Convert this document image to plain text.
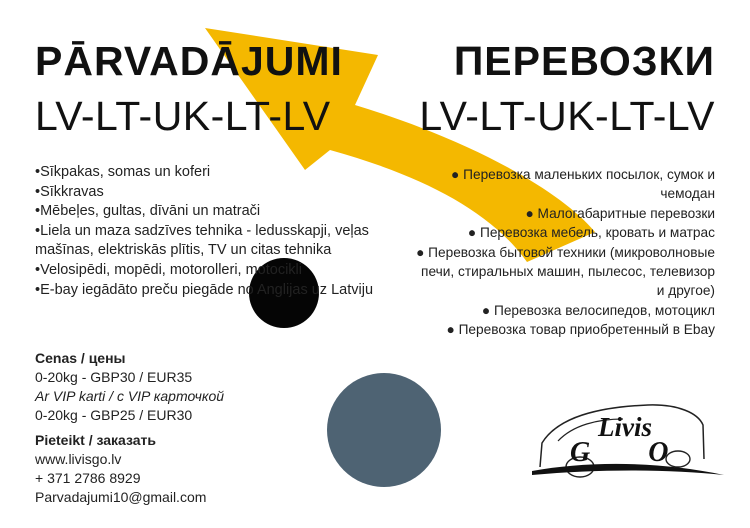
PĀRVADĀJUMI
LV-LT-UK-LT-LV
ПЕРЕВОЗКИ
LV-LT-UK-LT-LV

•Sīkpakas, somas un koferi

•Sīkkravas

•Mēbeļes, gultas, dīvāni un matrači

•Liela un maza sadzīves tehnika - ledusskapji, veļas mašīnas, elektriskās plītis, TV un citas tehnika

•Velosipēdi, mopēdi, motorolleri, motocikli

•E-bay iegādāto preču piegāde no Anglijas uz Latviju

Cenas / цены
0-20kg - GBP30 / EUR35
Ar VIP karti / с VIP карточкой
0-20kg - GBP25 / EUR30
Pieteikt / заказать
www.livisgo.lv
+ 371 2786 8929
Parvadajumi10@gmail.com

● Перевозка маленьких посылок, сумок и чемодан

● Малогабаритные перевозки

● Перевозка мебель, кровать и матрас

● Перевозка бытовой техники (микроволновые печи, стиральных машин, пылесос, телевизор и другое)

● Перевозка велосипедов, мотоцикл

● Перевозка товар приобретенный в Ebay

Livis
GO
